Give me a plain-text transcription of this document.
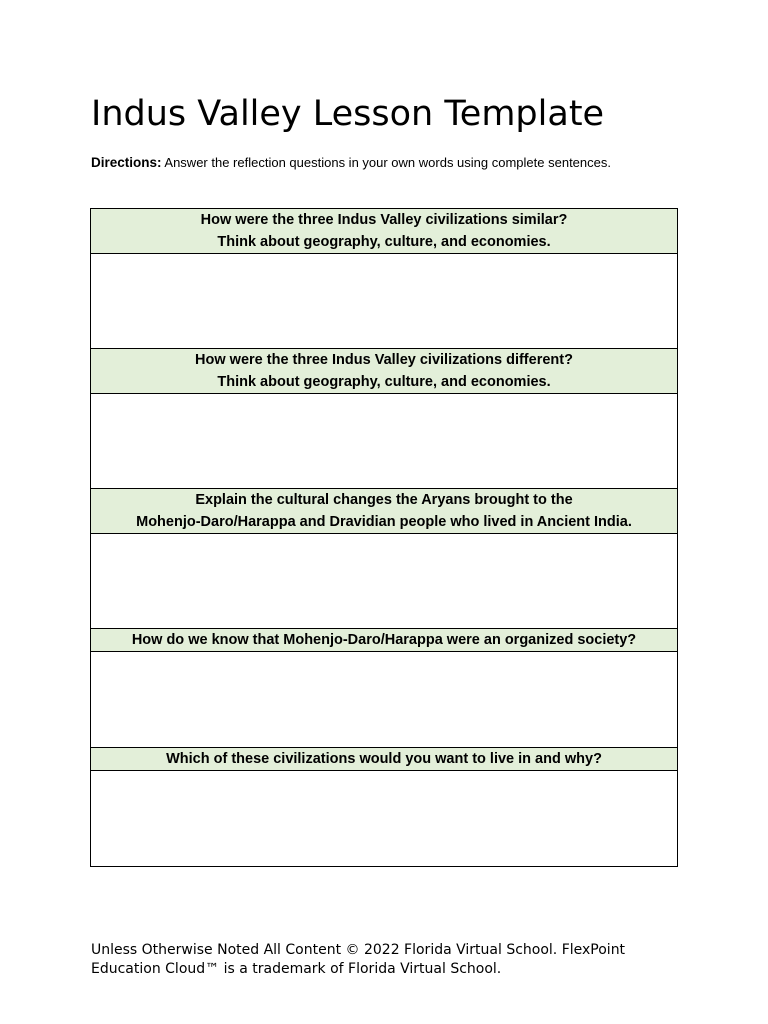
Indus Valley Lesson Template
Directions: Answer the reflection questions in your own words using complete sentences.
How were the three Indus Valley civilizations similar?
Think about geography, culture, and economies.

How were the three Indus Valley civilizations different?
Think about geography, culture, and economies.

Explain the cultural changes the Aryans brought to the
Mohenjo-Daro/Harappa and Dravidian people who lived in Ancient India.

How do we know that Mohenjo-Daro/Harappa were an organized society?

Which of these civilizations would you want to live in and why?

Unless Otherwise Noted All Content © 2022 Florida Virtual School. FlexPoint
Education Cloud™ is a trademark of Florida Virtual School.
